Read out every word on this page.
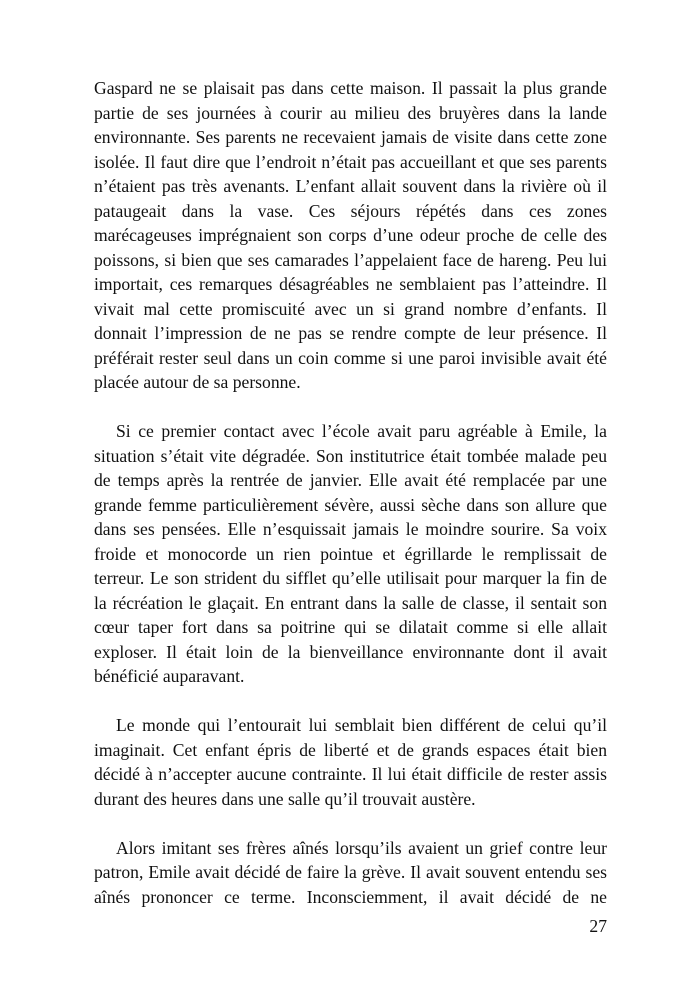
Gaspard ne se plaisait pas dans cette maison. Il passait la plus grande partie de ses journées à courir au milieu des bruyères dans la lande environnante. Ses parents ne recevaient jamais de visite dans cette zone isolée. Il faut dire que l’endroit n’était pas accueillant et que ses parents n’étaient pas très avenants. L’enfant allait souvent dans la rivière où il pataugeait dans la vase. Ces séjours répétés dans ces zones marécageuses imprégnaient son corps d’une odeur proche de celle des poissons, si bien que ses camarades l’appelaient face de hareng. Peu lui importait, ces remarques désagréables ne semblaient pas l’atteindre. Il vivait mal cette promiscuité avec un si grand nombre d’enfants. Il donnait l’impression de ne pas se rendre compte de leur présence. Il préférait rester seul dans un coin comme si une paroi invisible avait été placée autour de sa personne.

Si ce premier contact avec l’école avait paru agréable à Emile, la situation s’était vite dégradée. Son institutrice était tombée malade peu de temps après la rentrée de janvier. Elle avait été remplacée par une grande femme particulièrement sévère, aussi sèche dans son allure que dans ses pensées. Elle n’esquissait jamais le moindre sourire. Sa voix froide et monocorde un rien pointue et égrillarde le remplissait de terreur. Le son strident du sifflet qu’elle utilisait pour marquer la fin de la récréation le glaçait. En entrant dans la salle de classe, il sentait son cœur taper fort dans sa poitrine qui se dilatait comme si elle allait exploser. Il était loin de la bienveillance environnante dont il avait bénéficié auparavant.

Le monde qui l’entourait lui semblait bien différent de celui qu’il imaginait. Cet enfant épris de liberté et de grands espaces était bien décidé à n’accepter aucune contrainte. Il lui était difficile de rester assis durant des heures dans une salle qu’il trouvait austère.

Alors imitant ses frères aînés lorsqu’ils avaient un grief contre leur patron, Emile avait décidé de faire la grève. Il avait souvent entendu ses aînés prononcer ce terme. Inconsciemment, il avait décidé de ne

27
